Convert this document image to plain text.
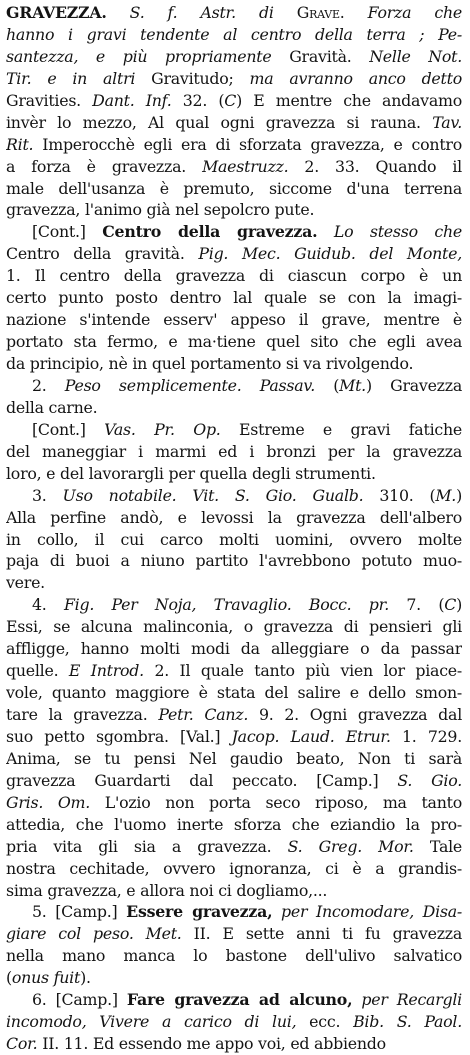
GRAVEZZA. S. f. Astr. di Grave. Forza che
hanno i gravi tendente al centro della terra ; Pe-
santezza, e più propriamente Gravità. Nelle Not.
Tir. e in altri Gravitudo; ma avranno anco detto
Gravities. Dant. Inf. 32. (C) E mentre che andavamo
invèr lo mezzo, Al qual ogni gravezza si rauna. Tav.
Rit. Imperocchè egli era di sforzata gravezza, e contro
a forza è gravezza. Maestruzz. 2. 33. Quando il
male dell'usanza è premuto, siccome d'una terrena
gravezza, l'animo già nel sepolcro pute.
[Cont.] Centro della gravezza. Lo stesso che
Centro della gravità. Pig. Mec. Guidub. del Monte,
1. Il centro della gravezza di ciascun corpo è un
certo punto posto dentro lal quale se con la imagi-
nazione s'intende esserv' appeso il grave, mentre è
portato sta fermo, e ma·tiene quel sito che egli avea
da principio, nè in quel portamento si va rivolgendo.
2. Peso semplicemente. Passav. (Mt.) Gravezza
della carne.
[Cont.] Vas. Pr. Op. Estreme e gravi fatiche
del maneggiar i marmi ed i bronzi per la gravezza
loro, e del lavorargli per quella degli strumenti.
3. Uso notabile. Vit. S. Gio. Gualb. 310. (M.)
Alla perfine andò, e levossi la gravezza dell'albero
in collo, il cui carco molti uomini, ovvero molte
paja di buoi a niuno partito l'avrebbono potuto muo-
vere.
4. Fig. Per Noja, Travaglio. Bocc. pr. 7. (C)
Essi, se alcuna malinconia, o gravezza di pensieri gli
affligge, hanno molti modi da alleggiare o da passar
quelle. E Introd. 2. Il quale tanto più vien lor piace-
vole, quanto maggiore è stata del salire e dello smon-
tare la gravezza. Petr. Canz. 9. 2. Ogni gravezza dal
suo petto sgombra. [Val.] Jacop. Laud. Etrur. 1. 729.
Anima, se tu pensi Nel gaudio beato, Non ti sarà
gravezza Guardarti dal peccato. [Camp.] S. Gio.
Gris. Om. L'ozio non porta seco riposo, ma tanto
attedia, che l'uomo inerte sforza che eziandio la pro-
pria vita gli sia a gravezza. S. Greg. Mor. Tale
nostra cechitade, ovvero ignoranza, ci è a grandis-
sima gravezza, e allora noi ci dogliamo,...
5. [Camp.] Essere gravezza, per Incomodare, Disa-
giare col peso. Met. II. E sette anni ti fu gravezza
nella mano manca lo bastone dell'ulivo salvatico
(onus fuit).
6. [Camp.] Fare gravezza ad alcuno, per Recargli
incomodo, Vivere a carico di lui, ecc. Bib. S. Paol.
Cor. II. 11. Ed essendo me appo voi, ed abbiendo
